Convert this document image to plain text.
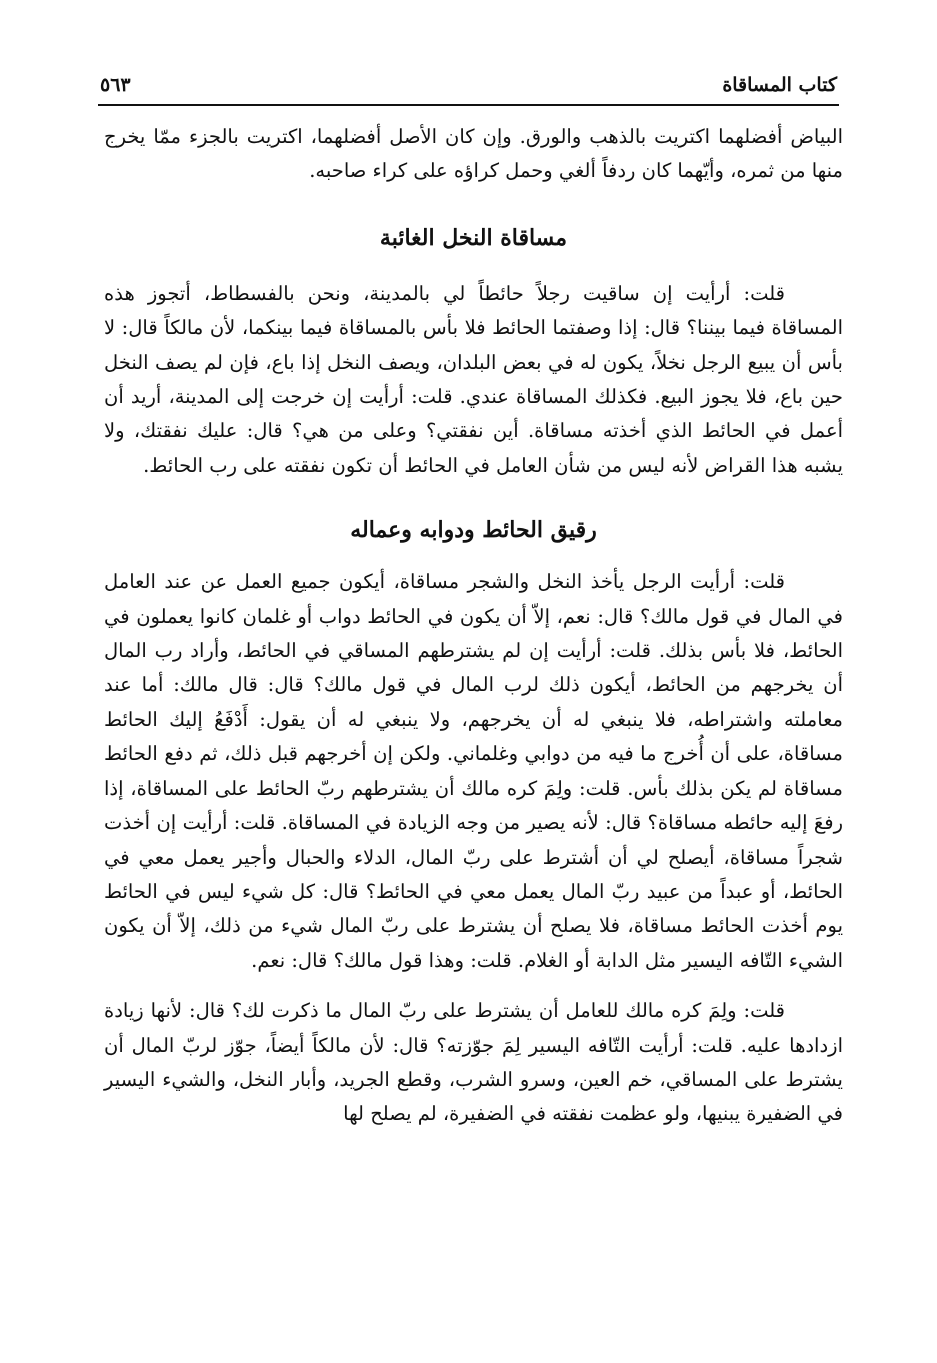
كتاب المساقاة
٥٦٣

البياض أفضلهما اكتريت بالذهب والورق. وإن كان الأصل أفضلهما، اكتريت بالجزء ممّا يخرج منها من ثمره، وأيّهما كان ردفاً ألغي وحمل كراؤه على كراء صاحبه.

مساقاة النخل الغائبة

قلت: أرأيت إن ساقيت رجلاً حائطاً لي بالمدينة، ونحن بالفسطاط، أتجوز هذه المساقاة فيما بيننا؟ قال: إذا وصفتما الحائط فلا بأس بالمساقاة فيما بينكما، لأن مالكاً قال: لا بأس أن يبيع الرجل نخلاً، يكون له في بعض البلدان، ويصف النخل إذا باع، فإن لم يصف النخل حين باع، فلا يجوز البيع. فكذلك المساقاة عندي. قلت: أرأيت إن خرجت إلى المدينة، أريد أن أعمل في الحائط الذي أخذته مساقاة. أين نفقتي؟ وعلى من هي؟ قال: عليك نفقتك، ولا يشبه هذا القراض لأنه ليس من شأن العامل في الحائط أن تكون نفقته على رب الحائط.

رقيق الحائط ودوابه وعماله

قلت: أرأيت الرجل يأخذ النخل والشجر مساقاة، أيكون جميع العمل عن عند العامل في المال في قول مالك؟ قال: نعم، إلاّ أن يكون في الحائط دواب أو غلمان كانوا يعملون في الحائط، فلا بأس بذلك. قلت: أرأيت إن لم يشترطهم المساقي في الحائط، وأراد رب المال أن يخرجهم من الحائط، أيكون ذلك لرب المال في قول مالك؟ قال: قال مالك: أما عند معاملته واشتراطه، فلا ينبغي له أن يخرجهم، ولا ينبغي له أن يقول: أَدْفَعُ إليك الحائط مساقاة، على أن أُخرج ما فيه من دوابي وغلماني. ولكن إن أخرجهم قبل ذلك، ثم دفع الحائط مساقاة لم يكن بذلك بأس. قلت: ولِمَ كره مالك أن يشترطهم ربّ الحائط على المساقاة، إذا رفعَ إليه حائطه مساقاة؟ قال: لأنه يصير من وجه الزيادة في المساقاة. قلت: أرأيت إن أخذت شجراً مساقاة، أيصلح لي أن أشترط على ربّ المال، الدلاء والحبال وأجير يعمل معي في الحائط، أو عبداً من عبيد ربّ المال يعمل معي في الحائط؟ قال: كل شيء ليس في الحائط يوم أخذت الحائط مساقاة، فلا يصلح أن يشترط على ربّ المال شيء من ذلك، إلاّ أن يكون الشيء التّافه اليسير مثل الدابة أو الغلام. قلت: وهذا قول مالك؟ قال: نعم.

قلت: ولِمَ كره مالك للعامل أن يشترط على ربّ المال ما ذكرت لك؟ قال: لأنها زيادة ازدادها عليه. قلت: أرأيت التّافه اليسير لِمَ جوّزته؟ قال: لأن مالكاً أيضاً، جوّز لربّ المال أن يشترط على المساقي، خم العين، وسرو الشرب، وقطع الجريد، وأبار النخل، والشيء اليسير في الضفيرة يبنيها، ولو عظمت نفقته في الضفيرة، لم يصلح لها
